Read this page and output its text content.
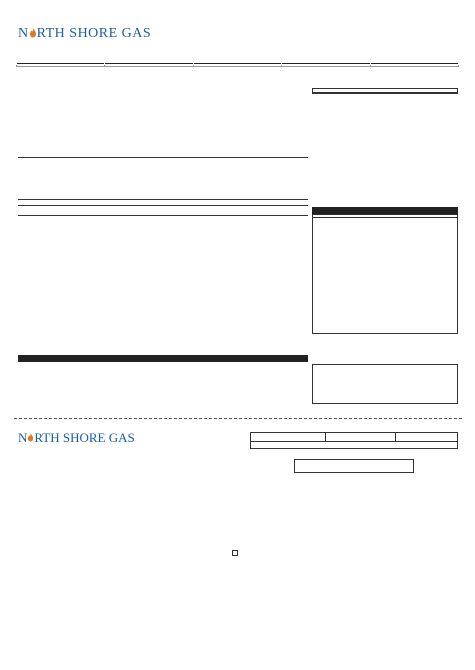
N RTH SHORE GAS

N RTH SHORE GAS
